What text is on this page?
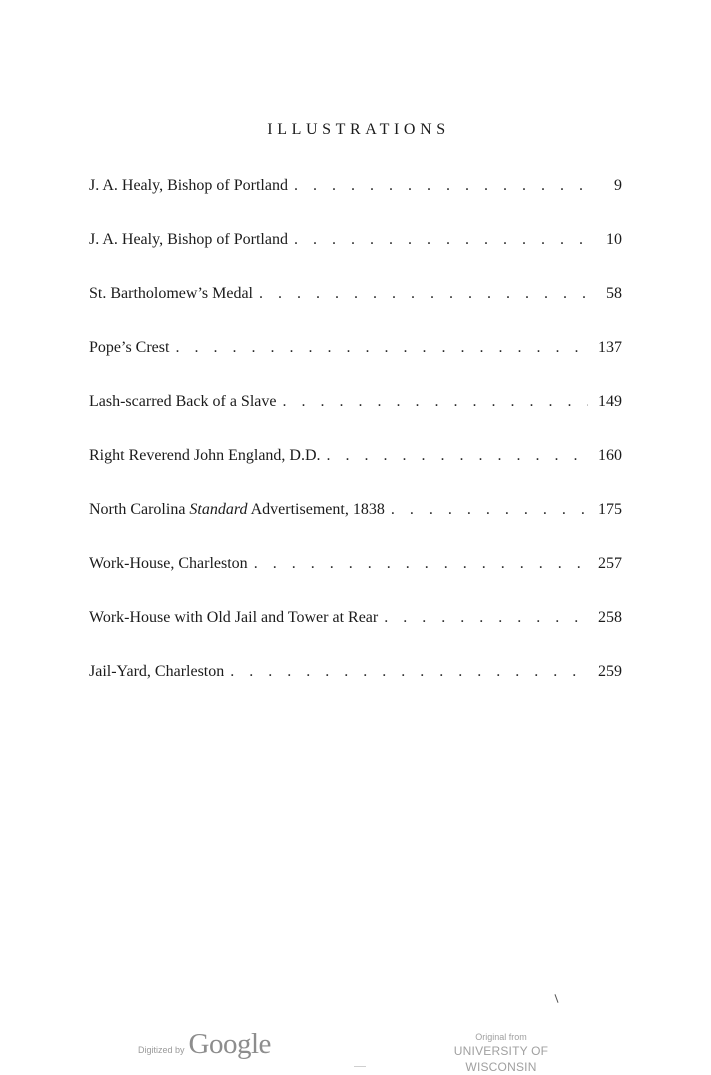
ILLUSTRATIONS
J. A. Healy, Bishop of Portland . . .	9
J. A. Healy, Bishop of Portland . . .	10
St. Bartholomew’s Medal . . .	58
Pope’s Crest . . .	137
Lash-scarred Back of a Slave . . .	149
Right Reverend John England, D.D. . . .	160
North Carolina Standard Advertisement, 1838 . . .	175
Work-House, Charleston . . .	257
Work-House with Old Jail and Tower at Rear . . .	258
Jail-Yard, Charleston . . .	259
Digitized by Google	Original from
UNIVERSITY OF WISCONSIN
